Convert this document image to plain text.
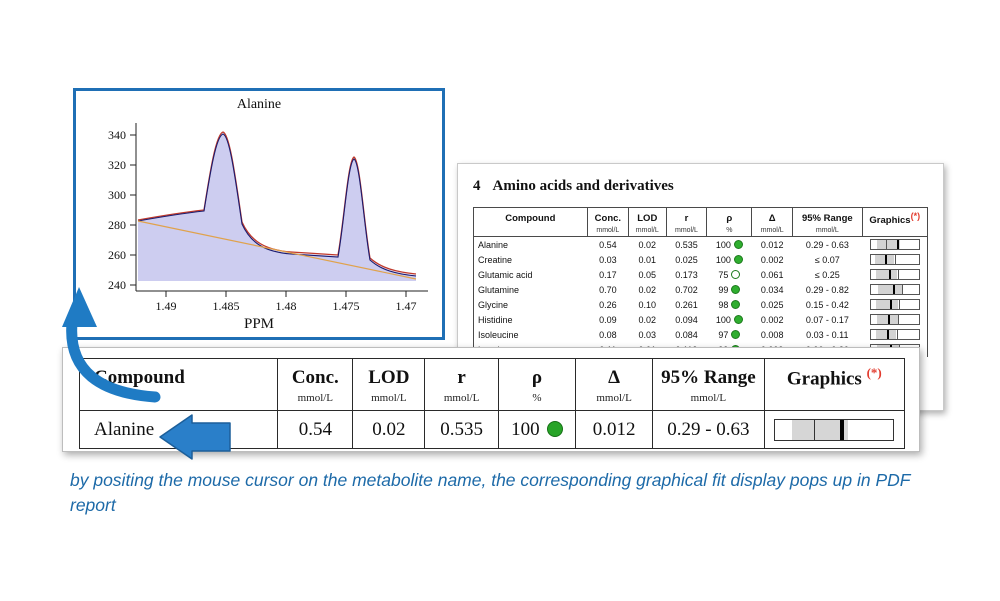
Alanine
340
320
300
280
260
240
1.49	1.485	1.48	1.475	1.47
PPM
4 Amino acids and derivatives
Compound	Conc.	LOD	r	ρ	Δ	95% Range	Graphics(*)
	mmol/L	mmol/L	mmol/L	%	mmol/L	mmol/L	
Alanine	0.54	0.02	0.535	100	0.012	0.29 - 0.63	

Creatine	0.03	0.01	0.025	100	0.002	≤ 0.07	

Glutamic acid	0.17	0.05	0.173	75	0.061	≤ 0.25	

Glutamine	0.70	0.02	0.702	99	0.034	0.29 - 0.82	

Glycine	0.26	0.10	0.261	98	0.025	0.15 - 0.42	

Histidine	0.09	0.02	0.094	100	0.002	0.07 - 0.17	

Isoleucine	0.08	0.03	0.084	97	0.008	0.03 - 0.11	

Compound	Conc.	LOD	r	ρ	Δ	95% Range	Graphics (*)
	mmol/L	mmol/L	mmol/L	%	mmol/L	mmol/L	
Alanine	0.54	0.02	0.535	100	0.012	0.29 - 0.63	
by positing the mouse cursor on the metabolite name, the corresponding graphical fit display pops up in PDF report
